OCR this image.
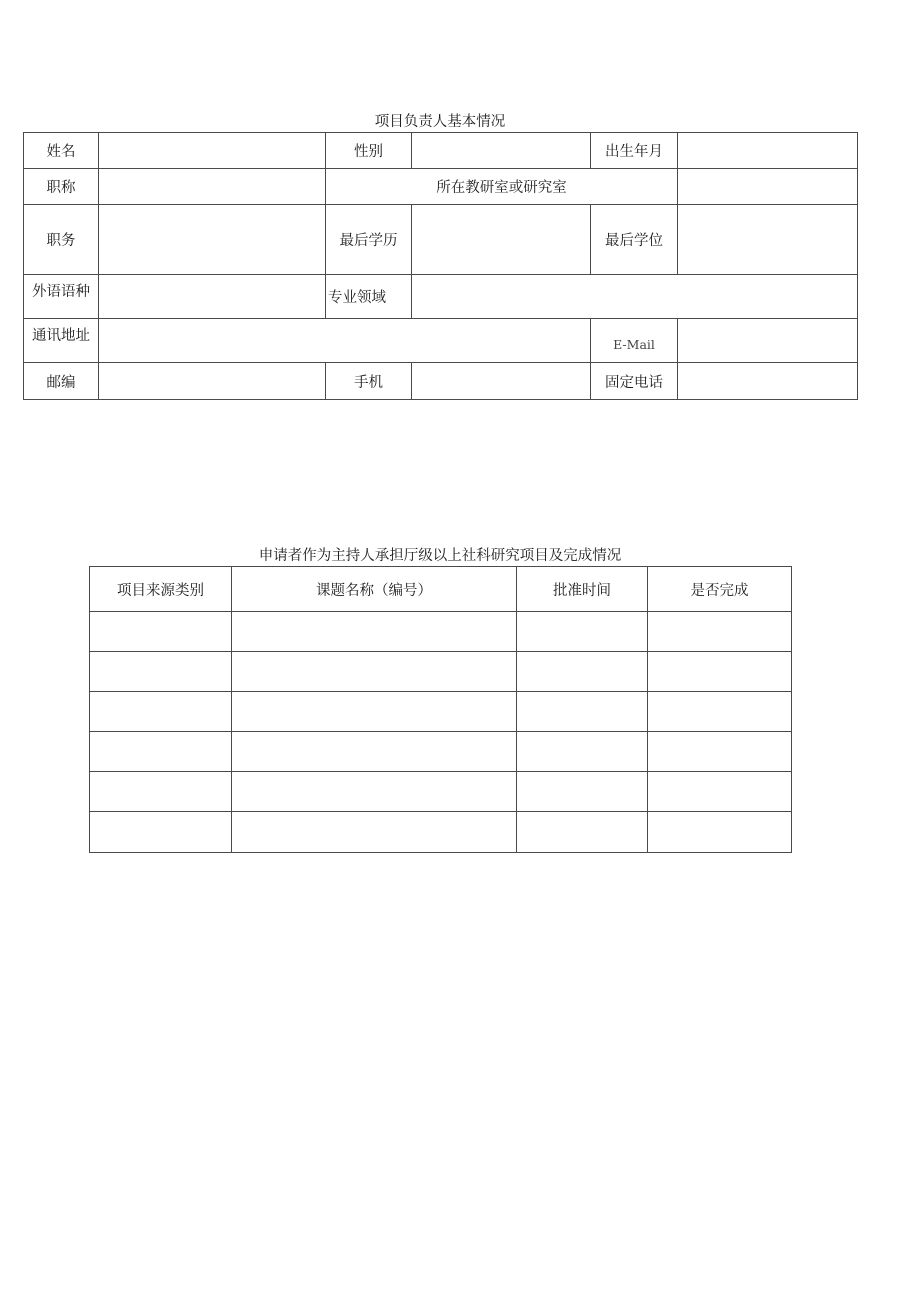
项目负责人基本情况
姓名		性别		出生年月	
职称		所在教研室或研究室			
职务		最后学历		最后学位	
外语语种		专业领域			
通讯地址				E-Mail	
邮编		手机		固定电话	
申请者作为主持人承担厅级以上社科研究项目及完成情况
项目来源类别	课题名称（编号）	批准时间	是否完成
